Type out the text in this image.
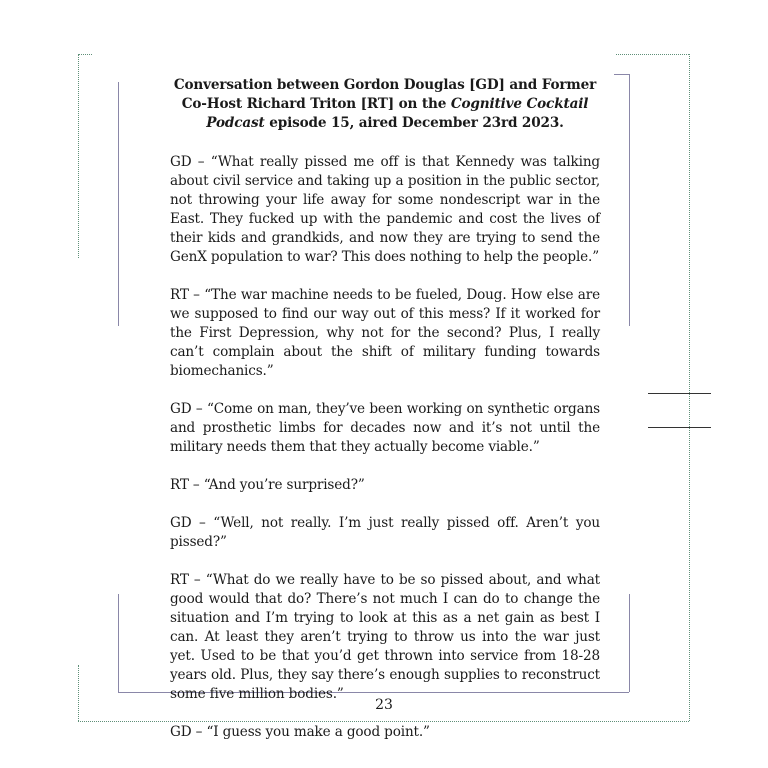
Conversation between Gordon Douglas [GD] and Former Co-Host Richard Triton [RT] on the Cognitive Cocktail Podcast episode 15, aired December 23rd 2023.

GD – “What really pissed me off is that Kennedy was talking about civil service and taking up a position in the public sector, not throwing your life away for some nondescript war in the East. They fucked up with the pandemic and cost the lives of their kids and grandkids, and now they are trying to send the GenX population to war? This does nothing to help the people.”

RT – “The war machine needs to be fueled, Doug. How else are we supposed to find our way out of this mess? If it worked for the First Depression, why not for the second? Plus, I really can’t complain about the shift of military funding towards biomechanics.”

GD – “Come on man, they’ve been working on synthetic organs and prosthetic limbs for decades now and it’s not until the military needs them that they actually become viable.”

RT – “And you’re surprised?”

GD – “Well, not really. I’m just really pissed off. Aren’t you pissed?”

RT – “What do we really have to be so pissed about, and what good would that do? There’s not much I can do to change the situation and I’m trying to look at this as a net gain as best I can. At least they aren’t trying to throw us into the war just yet. Used to be that you’d get thrown into service from 18-28 years old. Plus, they say there’s enough supplies to reconstruct some five million bodies.”

GD – “I guess you make a good point.”

23
